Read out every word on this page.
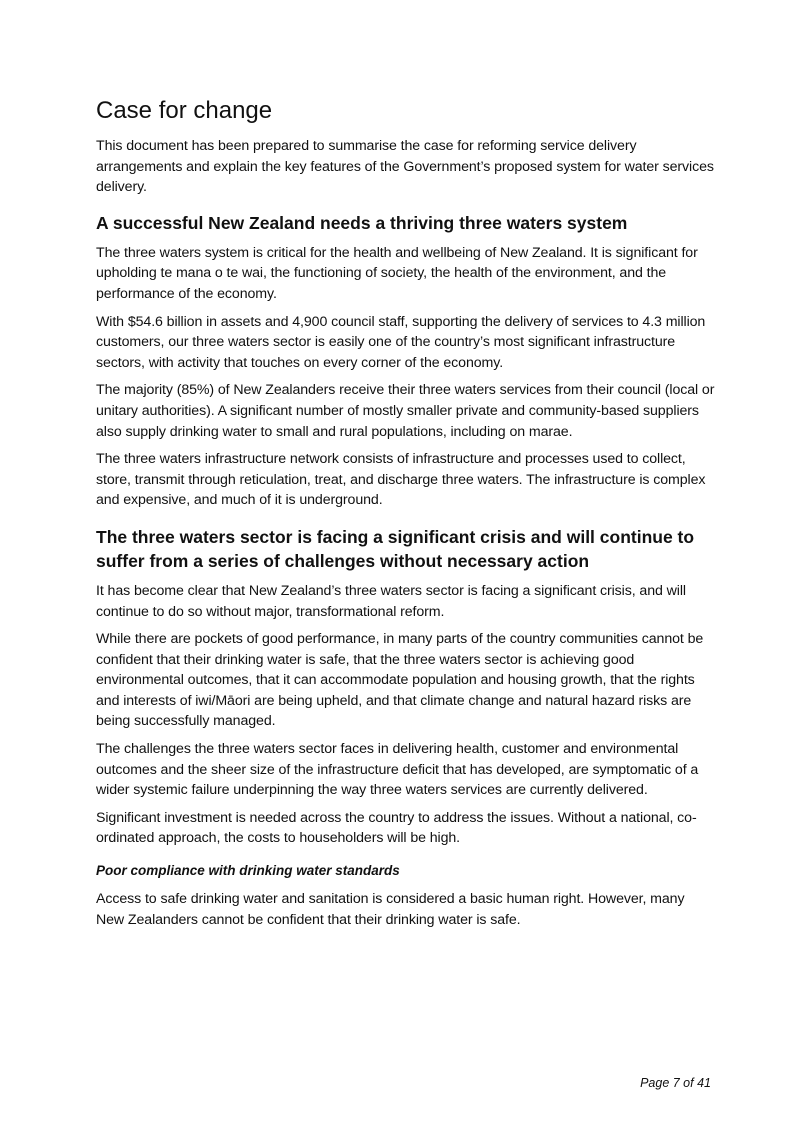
Case for change

This document has been prepared to summarise the case for reforming service delivery arrangements and explain the key features of the Government’s proposed system for water services delivery.

A successful New Zealand needs a thriving three waters system

The three waters system is critical for the health and wellbeing of New Zealand. It is significant for upholding te mana o te wai, the functioning of society, the health of the environment, and the performance of the economy.

With $54.6 billion in assets and 4,900 council staff, supporting the delivery of services to 4.3 million customers, our three waters sector is easily one of the country’s most significant infrastructure sectors, with activity that touches on every corner of the economy.

The majority (85%) of New Zealanders receive their three waters services from their council (local or unitary authorities). A significant number of mostly smaller private and community-based suppliers also supply drinking water to small and rural populations, including on marae.

The three waters infrastructure network consists of infrastructure and processes used to collect, store, transmit through reticulation, treat, and discharge three waters. The infrastructure is complex and expensive, and much of it is underground.

The three waters sector is facing a significant crisis and will continue to suffer from a series of challenges without necessary action

It has become clear that New Zealand’s three waters sector is facing a significant crisis, and will continue to do so without major, transformational reform.

While there are pockets of good performance, in many parts of the country communities cannot be confident that their drinking water is safe, that the three waters sector is achieving good environmental outcomes, that it can accommodate population and housing growth, that the rights and interests of iwi/Māori are being upheld, and that climate change and natural hazard risks are being successfully managed.

The challenges the three waters sector faces in delivering health, customer and environmental outcomes and the sheer size of the infrastructure deficit that has developed, are symptomatic of a wider systemic failure underpinning the way three waters services are currently delivered.

Significant investment is needed across the country to address the issues. Without a national, co-ordinated approach, the costs to householders will be high.

Poor compliance with drinking water standards

Access to safe drinking water and sanitation is considered a basic human right. However, many New Zealanders cannot be confident that their drinking water is safe.

Page 7 of 41
